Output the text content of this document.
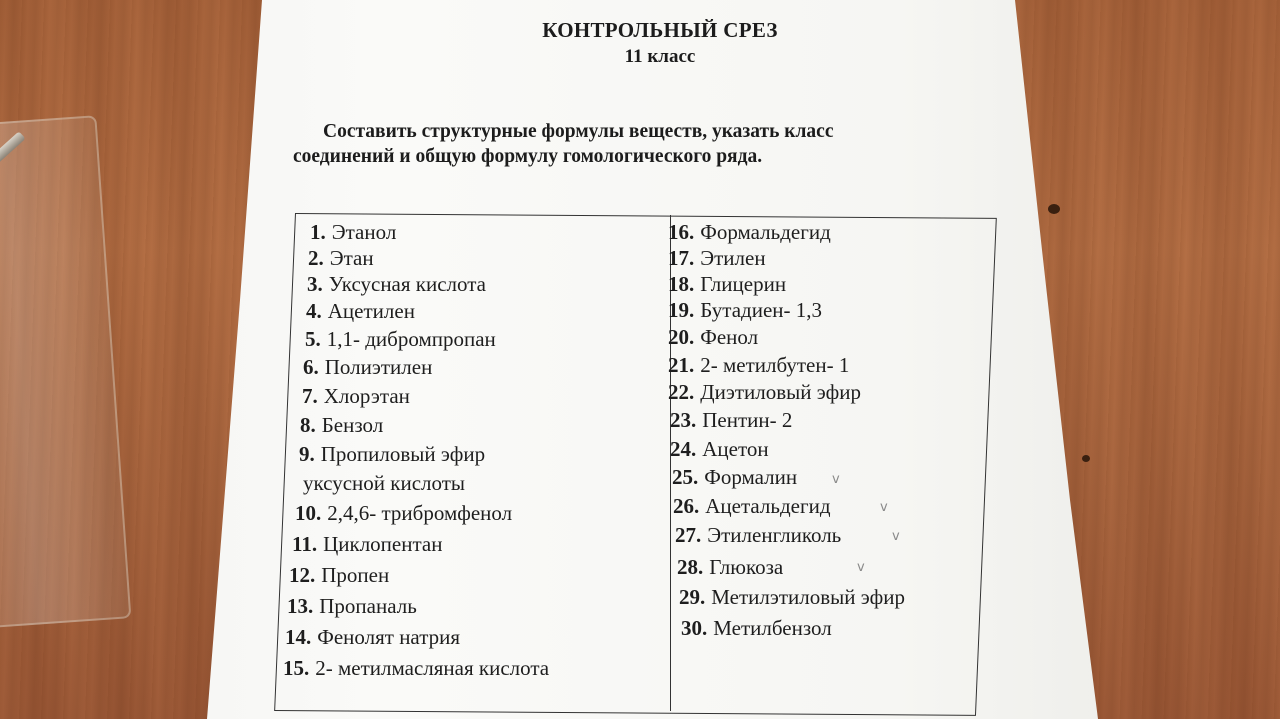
КОНТРОЛЬНЫЙ СРЕЗ
11 класс
Составить структурные формулы веществ, указать класс
соединений и общую формулу гомологического ряда.
1. Этанол
2. Этан
3. Уксусная кислота
4. Ацетилен
5. 1,1- дибромпропан
6. Полиэтилен
7. Хлорэтан
8. Бензол
9. Пропиловый эфир
уксусной кислоты
10. 2,4,6- трибромфенол
11. Циклопентан
12. Пропен
13. Пропаналь
14. Фенолят натрия
15. 2- метилмасляная кислота
16. Формальдегид
17. Этилен
18. Глицерин
19. Бутадиен- 1,3
20. Фенол
21. 2- метилбутен- 1
22. Диэтиловый эфир
23. Пентин- 2
24. Ацетон
25. Формалин
26. Ацетальдегид
27. Этиленгликоль
28. Глюкоза
29. Метилэтиловый эфир
30. Метилбензол
v
v
v
v
